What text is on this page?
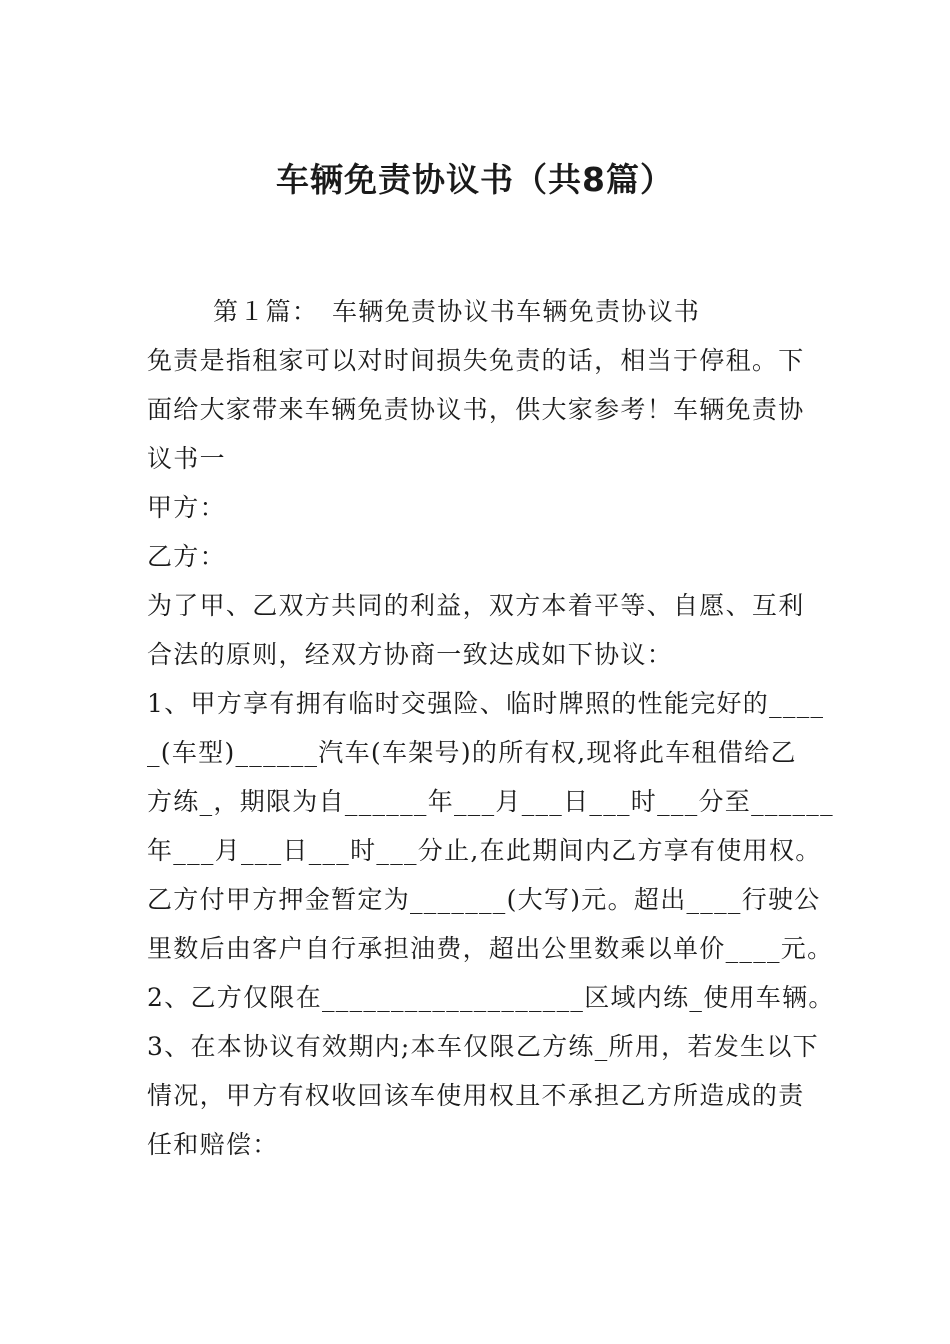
车辆免责协议书（共8篇）
第１篇：　车辆免责协议书车辆免责协议书
免责是指租家可以对时间损失免责的话，相当于停租。下
面给大家带来车辆免责协议书，供大家参考！车辆免责协
议书一
甲方：
乙方：
为了甲、乙双方共同的利益，双方本着平等、自愿、互利
合法的原则，经双方协商一致达成如下协议：
1、甲方享有拥有临时交强险、临时牌照的性能完好的____
_(车型)______汽车(车架号)的所有权,现将此车租借给乙
方练_，期限为自______年___月___日___时___分至______
年___月___日___时___分止,在此期间内乙方享有使用权。
乙方付甲方押金暂定为_______(大写)元。超出____行驶公
里数后由客户自行承担油费，超出公里数乘以单价____元。
2、乙方仅限在___________________区域内练_使用车辆。
3、在本协议有效期内;本车仅限乙方练_所用，若发生以下
情况，甲方有权收回该车使用权且不承担乙方所造成的责
任和赔偿：
